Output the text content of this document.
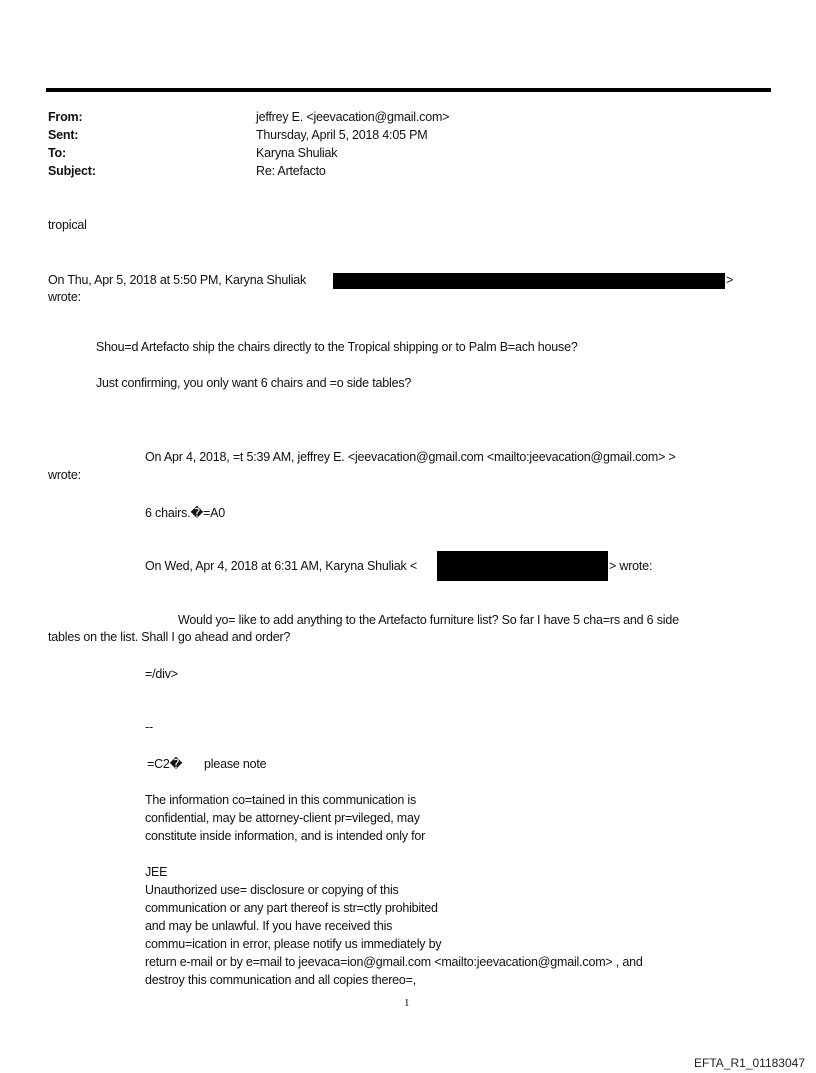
From:	jeffrey E. <jeevacation@gmail.com>
Sent:	Thursday, April 5, 2018 4:05 PM
To:	Karyna Shuliak
Subject:	Re: Artefacto
tropical
On Thu, Apr 5, 2018 at 5:50 PM, Karyna Shuliak	>
wrote:
Shou=d Artefacto ship the chairs directly to the Tropical shipping or to Palm B=ach house?
Just confirming, you only want 6 chairs and =o side tables?
On Apr 4, 2018, =t 5:39 AM, jeffrey E. <jeevacation@gmail.com <mailto:jeevacation@gmail.com> >
wrote:
6 chairs.�=A0
On Wed, Apr 4, 2018 at 6:31 AM, Karyna Shuliak <	> wrote:
Would yo= like to add anything to the Artefacto furniture list? So far I have 5 cha=rs and 6 side
tables on the list. Shall I go ahead and order?
=/div>
--
=C2� please note
The information co=tained in this communication is
confidential, may be attorney-client pr=vileged, may
constitute inside information, and is intended only for
JEE
Unauthorized use= disclosure or copying of this
communication or any part thereof is str=ctly prohibited
and may be unlawful. If you have received this
commu=ication in error, please notify us immediately by
return e-mail or by e=mail to jeevaca=ion@gmail.com <mailto:jeevacation@gmail.com> , and
destroy this communication and all copies thereo=,
1
EFTA_R1_01183047
